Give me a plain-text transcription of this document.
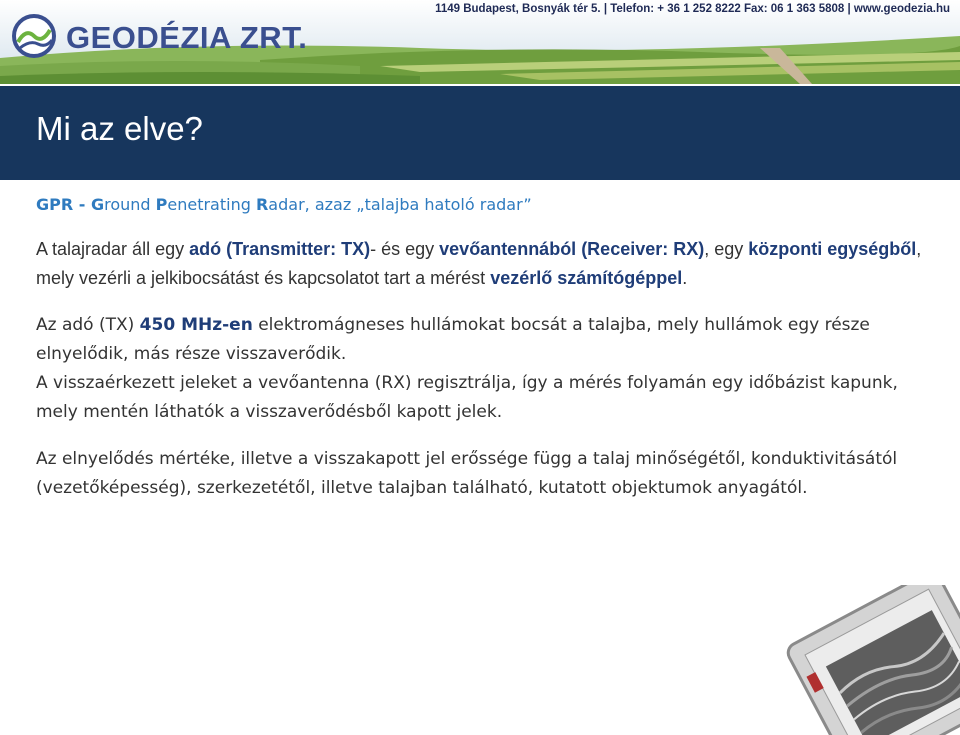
GEODÉZIA ZRT.
1149 Budapest, Bosnyák tér 5. | Telefon: + 36 1 252 8222 Fax: 06 1 363 5808 | www.geodezia.hu
Mi az elve?
GPR - Ground Penetrating Radar, azaz „talajba hatoló radar”

A talajradar áll egy adó (Transmitter: TX)- és egy vevőantennából (Receiver: RX), egy központi egységből, mely vezérli a jelkibocsátást és kapcsolatot tart a mérést vezérlő számítógéppel.

Az adó (TX) 450 MHz-en elektromágneses hullámokat bocsát a talajba, mely hullámok egy része elnyelődik, más része visszaverődik.

A visszaérkezett jeleket a vevőantenna (RX) regisztrálja, így a mérés folyamán egy időbázist kapunk, mely mentén láthatók a visszaverődésből kapott jelek.

Az elnyelődés mértéke, illetve a visszakapott jel erőssége függ a talaj minőségétől, konduktivitásától (vezetőképesség), szerkezetétől, illetve talajban található, kutatott objektumok anyagától.
